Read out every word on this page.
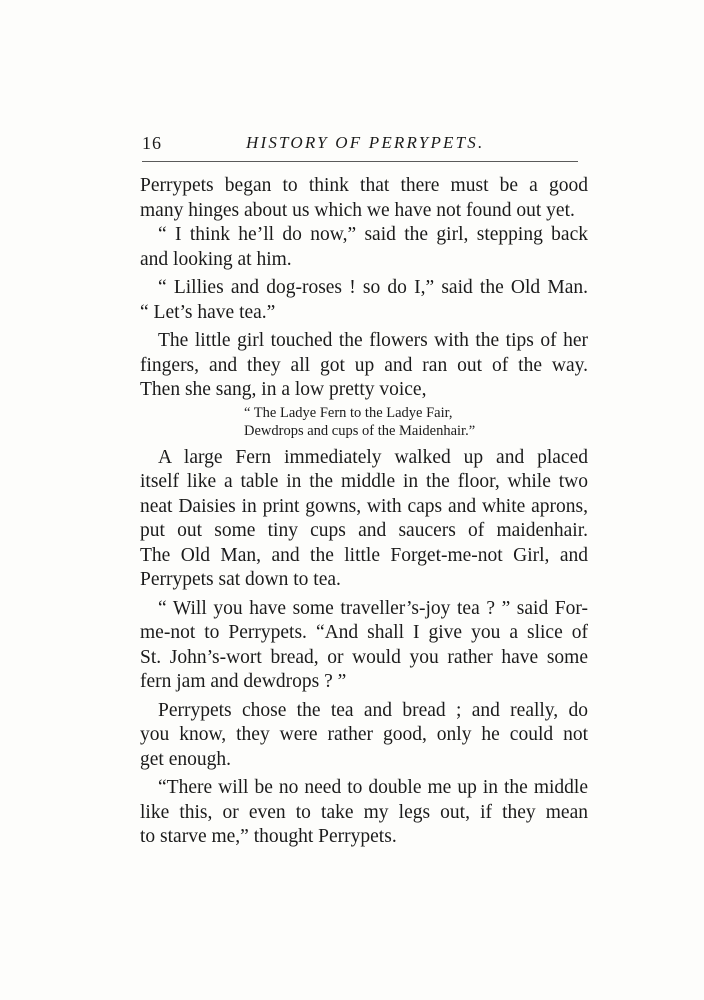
16	HISTORY OF PERRYPETS.
Perrypets began to think that there must be a good
many hinges about us which we have not found out yet.
“ I think he’ll do now,” said the girl, stepping back
and looking at him.
“ Lillies and dog-roses ! so do I,” said the Old Man.
“ Let’s have tea.”
The little girl touched the flowers with the tips of her
fingers, and they all got up and ran out of the way.
Then she sang, in a low pretty voice,
“ The Ladye Fern to the Ladye Fair,
Dewdrops and cups of the Maidenhair.”
A large Fern immediately walked up and placed
itself like a table in the middle in the floor, while two
neat Daisies in print gowns, with caps and white aprons,
put out some tiny cups and saucers of maidenhair.
The Old Man, and the little Forget-me-not Girl, and
Perrypets sat down to tea.
“ Will you have some traveller’s-joy tea ? ” said For-
me-not to Perrypets. “And shall I give you a slice of
St. John’s-wort bread, or would you rather have some
fern jam and dewdrops ? ”
Perrypets chose the tea and bread ; and really, do
you know, they were rather good, only he could not
get enough.
“There will be no need to double me up in the middle
like this, or even to take my legs out, if they mean
to starve me,” thought Perrypets.
